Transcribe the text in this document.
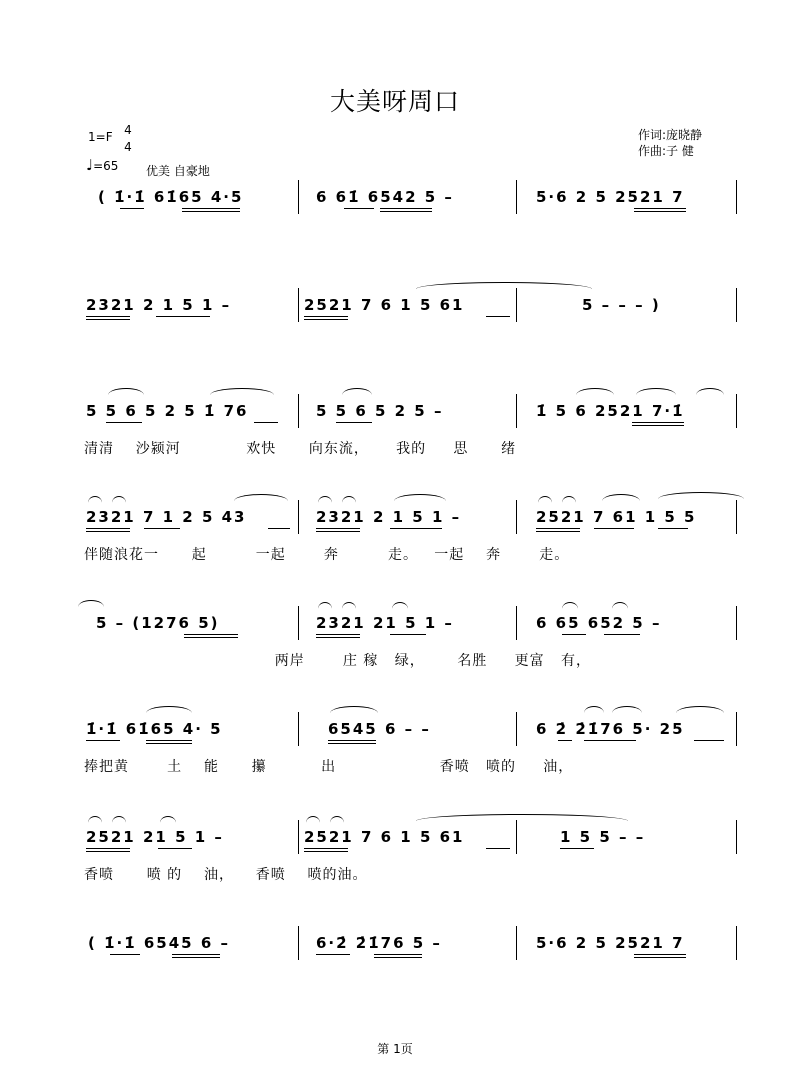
大美呀周口
1=F 4
4
♩=65 优美 自豪地
作词:庞晓静
作曲:子 健
( 1̇·1̇ 61̇65 4·5	6 61̇ 6542 5 –	5·6 2 5 2521 7
2321 2 1 5 1 –	2521 7 6 1 5 61	5 – – – )
5 5 6 5 2 5 1̇ 76	5 5 6 5 2 5 –	1̇ 5 6 2521 7·1̇
清清    沙颍河            欢快      向东流，     我的     思      绪
2321 7 1 2 5 43	2321 2 1 5 1 –	2521 7 61 1 5 5
伴随浪花一      起         一起       奔         走。   一起    奔       走。
5 – (1276 5)	2321 21 5 1 –	6 65 652 5 –
两岸       庄 稼   绿，      名胜     更富   有，
1̇·1̇ 61̇65 4· 5	6545 6 – –	6 2̇ 2̇1̇76 5· 25
捧把黄       土    能      攥          出                   香喷   喷的     油，
2521 21 5 1 –	2521 7 6 1 5 61	1 5 5 – –
香喷      喷 的    油，    香喷    喷的油。
( 1̇·1̇ 6545 6 –	6·2̇ 2̇1̇76 5 –	5·6 2 5 2521 7
第 1页
